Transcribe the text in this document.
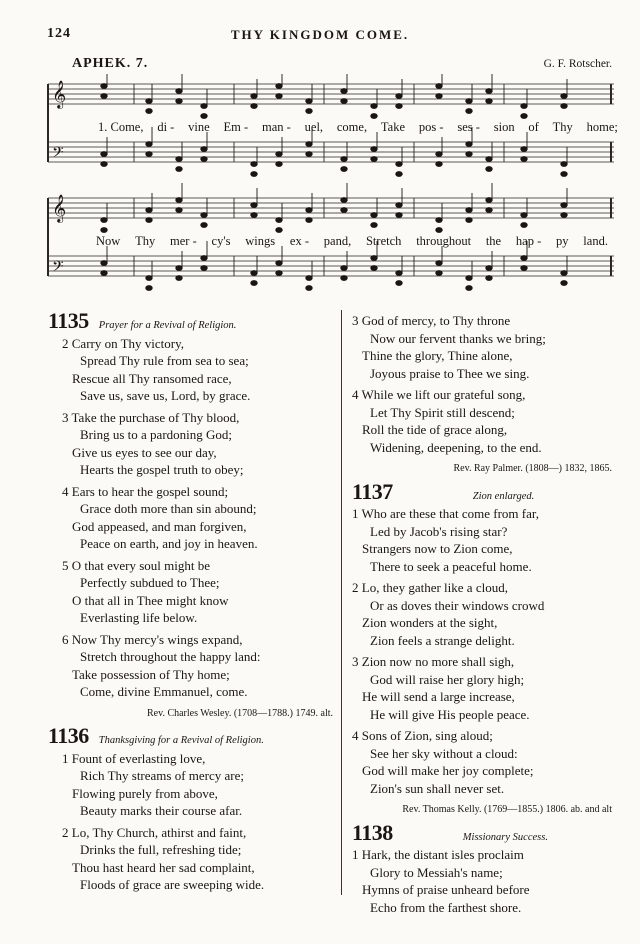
124	THY KINGDOM COME.
APHEK. 7.	G. F. Rotscher.
𝄞
𝄢
𝄞
𝄢
1. Come, di - vine Em - man - uel, come, Take pos - ses - sion of Thy home;
Now Thy mer - cy's wings ex - pand, Stretch throughout the hap - py land.
1135 Prayer for a Revival of Religion.
2 Carry on Thy victory,
Spread Thy rule from sea to sea;
Rescue all Thy ransomed race,
Save us, save us, Lord, by grace.
3 Take the purchase of Thy blood,
Bring us to a pardoning God;
Give us eyes to see our day,
Hearts the gospel truth to obey;
4 Ears to hear the gospel sound;
Grace doth more than sin abound;
God appeased, and man forgiven,
Peace on earth, and joy in heaven.
5 O that every soul might be
Perfectly subdued to Thee;
O that all in Thee might know
Everlasting life below.
6 Now Thy mercy's wings expand,
Stretch throughout the happy land:
Take possession of Thy home;
Come, divine Emmanuel, come.
Rev. Charles Wesley. (1708—1788.) 1749. alt.
1136 Thanksgiving for a Revival of Religion.
1 Fount of everlasting love,
Rich Thy streams of mercy are;
Flowing purely from above,
Beauty marks their course afar.
2 Lo, Thy Church, athirst and faint,
Drinks the full, refreshing tide;
Thou hast heard her sad complaint,
Floods of grace are sweeping wide.
3 God of mercy, to Thy throne
Now our fervent thanks we bring;
Thine the glory, Thine alone,
Joyous praise to Thee we sing.
4 While we lift our grateful song,
Let Thy Spirit still descend;
Roll the tide of grace along,
Widening, deepening, to the end.
Rev. Ray Palmer. (1808—) 1832, 1865.
1137	Zion enlarged.
1 Who are these that come from far,
Led by Jacob's rising star?
Strangers now to Zion come,
There to seek a peaceful home.
2 Lo, they gather like a cloud,
Or as doves their windows crowd
Zion wonders at the sight,
Zion feels a strange delight.
3 Zion now no more shall sigh,
God will raise her glory high;
He will send a large increase,
He will give His people peace.
4 Sons of Zion, sing aloud;
See her sky without a cloud:
God will make her joy complete;
Zion's sun shall never set.
Rev. Thomas Kelly. (1769—1855.) 1806. ab. and alt
1138	Missionary Success.
1 Hark, the distant isles proclaim
Glory to Messiah's name;
Hymns of praise unheard before
Echo from the farthest shore.
